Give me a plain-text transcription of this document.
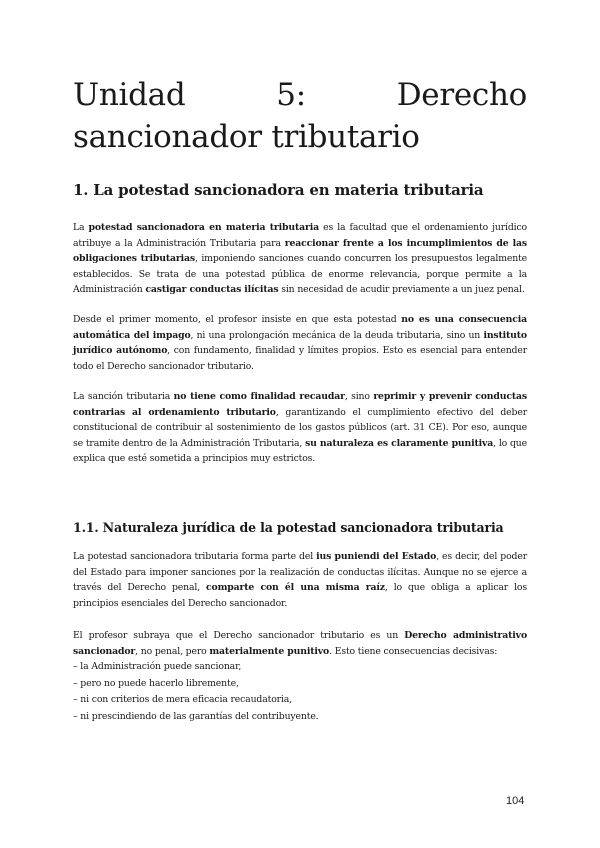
Unidad 5: Derecho sancionador tributario
1. La potestad sancionadora en materia tributaria

La potestad sancionadora en materia tributaria es la facultad que el ordenamiento jurídico atribuye a la Administración Tributaria para reaccionar frente a los incumplimientos de las obligaciones tributarias, imponiendo sanciones cuando concurren los presupuestos legalmente establecidos. Se trata de una potestad pública de enorme relevancia, porque permite a la Administración castigar conductas ilícitas sin necesidad de acudir previamente a un juez penal.

Desde el primer momento, el profesor insiste en que esta potestad no es una consecuencia automática del impago, ni una prolongación mecánica de la deuda tributaria, sino un instituto jurídico autónomo, con fundamento, finalidad y límites propios. Esto es esencial para entender todo el Derecho sancionador tributario.

La sanción tributaria no tiene como finalidad recaudar, sino reprimir y prevenir conductas contrarias al ordenamiento tributario, garantizando el cumplimiento efectivo del deber constitucional de contribuir al sostenimiento de los gastos públicos (art. 31 CE). Por eso, aunque se tramite dentro de la Administración Tributaria, su naturaleza es claramente punitiva, lo que explica que esté sometida a principios muy estrictos.

1.1. Naturaleza jurídica de la potestad sancionadora tributaria

La potestad sancionadora tributaria forma parte del ius puniendi del Estado, es decir, del poder del Estado para imponer sanciones por la realización de conductas ilícitas. Aunque no se ejerce a través del Derecho penal, comparte con él una misma raíz, lo que obliga a aplicar los principios esenciales del Derecho sancionador.

El profesor subraya que el Derecho sancionador tributario es un Derecho administrativo sancionador, no penal, pero materialmente punitivo. Esto tiene consecuencias decisivas:

– la Administración puede sancionar,
– pero no puede hacerlo libremente,
– ni con criterios de mera eficacia recaudatoria,
– ni prescindiendo de las garantías del contribuyente.
104
